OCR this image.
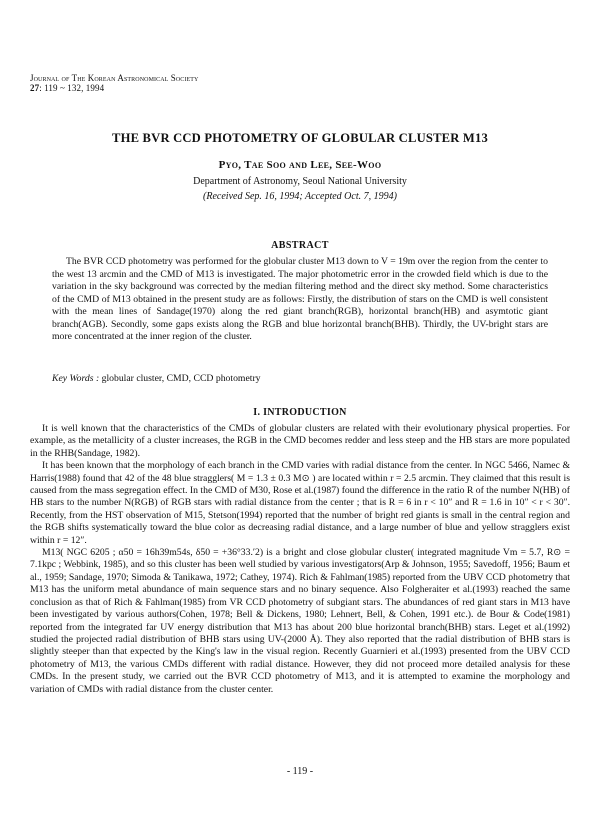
Journal of The Korean Astronomical Society
27: 119 ~ 132, 1994
THE BVR CCD PHOTOMETRY OF GLOBULAR CLUSTER M13
Pyo, Tae Soo and Lee, See-Woo
Department of Astronomy, Seoul National University
(Received Sep. 16, 1994; Accepted Oct. 7, 1994)
ABSTRACT

The BVR CCD photometry was performed for the globular cluster M13 down to V = 19m over the region from the center to the west 13 arcmin and the CMD of M13 is investigated. The major photometric error in the crowded field which is due to the variation in the sky background was corrected by the median filtering method and the direct sky method. Some characteristics of the CMD of M13 obtained in the present study are as follows: Firstly, the distribution of stars on the CMD is well consistent with the mean lines of Sandage(1970) along the red giant branch(RGB), horizontal branch(HB) and asymtotic giant branch(AGB). Secondly, some gaps exists along the RGB and blue horizontal branch(BHB). Thirdly, the UV-bright stars are more concentrated at the inner region of the cluster.

Key Words : globular cluster, CMD, CCD photometry
I. INTRODUCTION

It is well known that the characteristics of the CMDs of globular clusters are related with their evolutionary physical properties. For example, as the metallicity of a cluster increases, the RGB in the CMD becomes redder and less steep and the HB stars are more populated in the RHB(Sandage, 1982).

It has been known that the morphology of each branch in the CMD varies with radial distance from the center. In NGC 5466, Namec & Harris(1988) found that 42 of the 48 blue stragglers( M = 1.3 ± 0.3 M⊙ ) are located within r = 2.5 arcmin. They claimed that this result is caused from the mass segregation effect. In the CMD of M30, Rose et al.(1987) found the difference in the ratio R of the number N(HB) of HB stars to the number N(RGB) of RGB stars with radial distance from the center ; that is R = 6 in r < 10″ and R = 1.6 in 10″ < r < 30″. Recently, from the HST observation of M15, Stetson(1994) reported that the number of bright red giants is small in the central region and the RGB shifts systematically toward the blue color as decreasing radial distance, and a large number of blue and yellow stragglers exist within r = 12″.

M13( NGC 6205 ; α50 = 16h39m54s, δ50 = +36°33.′2) is a bright and close globular cluster( integrated magnitude Vm = 5.7, R⊙ = 7.1kpc ; Webbink, 1985), and so this cluster has been well studied by various investigators(Arp & Johnson, 1955; Savedoff, 1956; Baum et al., 1959; Sandage, 1970; Simoda & Tanikawa, 1972; Cathey, 1974). Rich & Fahlman(1985) reported from the UBV CCD photometry that M13 has the uniform metal abundance of main sequence stars and no binary sequence. Also Folgheraiter et al.(1993) reached the same conclusion as that of Rich & Fahlman(1985) from VR CCD photometry of subgiant stars. The abundances of red giant stars in M13 have been investigated by various authors(Cohen, 1978; Bell & Dickens, 1980; Lehnert, Bell, & Cohen, 1991 etc.). de Bour & Code(1981) reported from the integrated far UV energy distribution that M13 has about 200 blue horizontal branch(BHB) stars. Leget et al.(1992) studied the projected radial distribution of BHB stars using UV-(2000 Å). They also reported that the radial distribution of BHB stars is slightly steeper than that expected by the King's law in the visual region. Recently Guarnieri et al.(1993) presented from the UBV CCD photometry of M13, the various CMDs different with radial distance. However, they did not proceed more detailed analysis for these CMDs. In the present study, we carried out the BVR CCD photometry of M13, and it is attempted to examine the morphology and variation of CMDs with radial distance from the cluster center.

- 119 -
